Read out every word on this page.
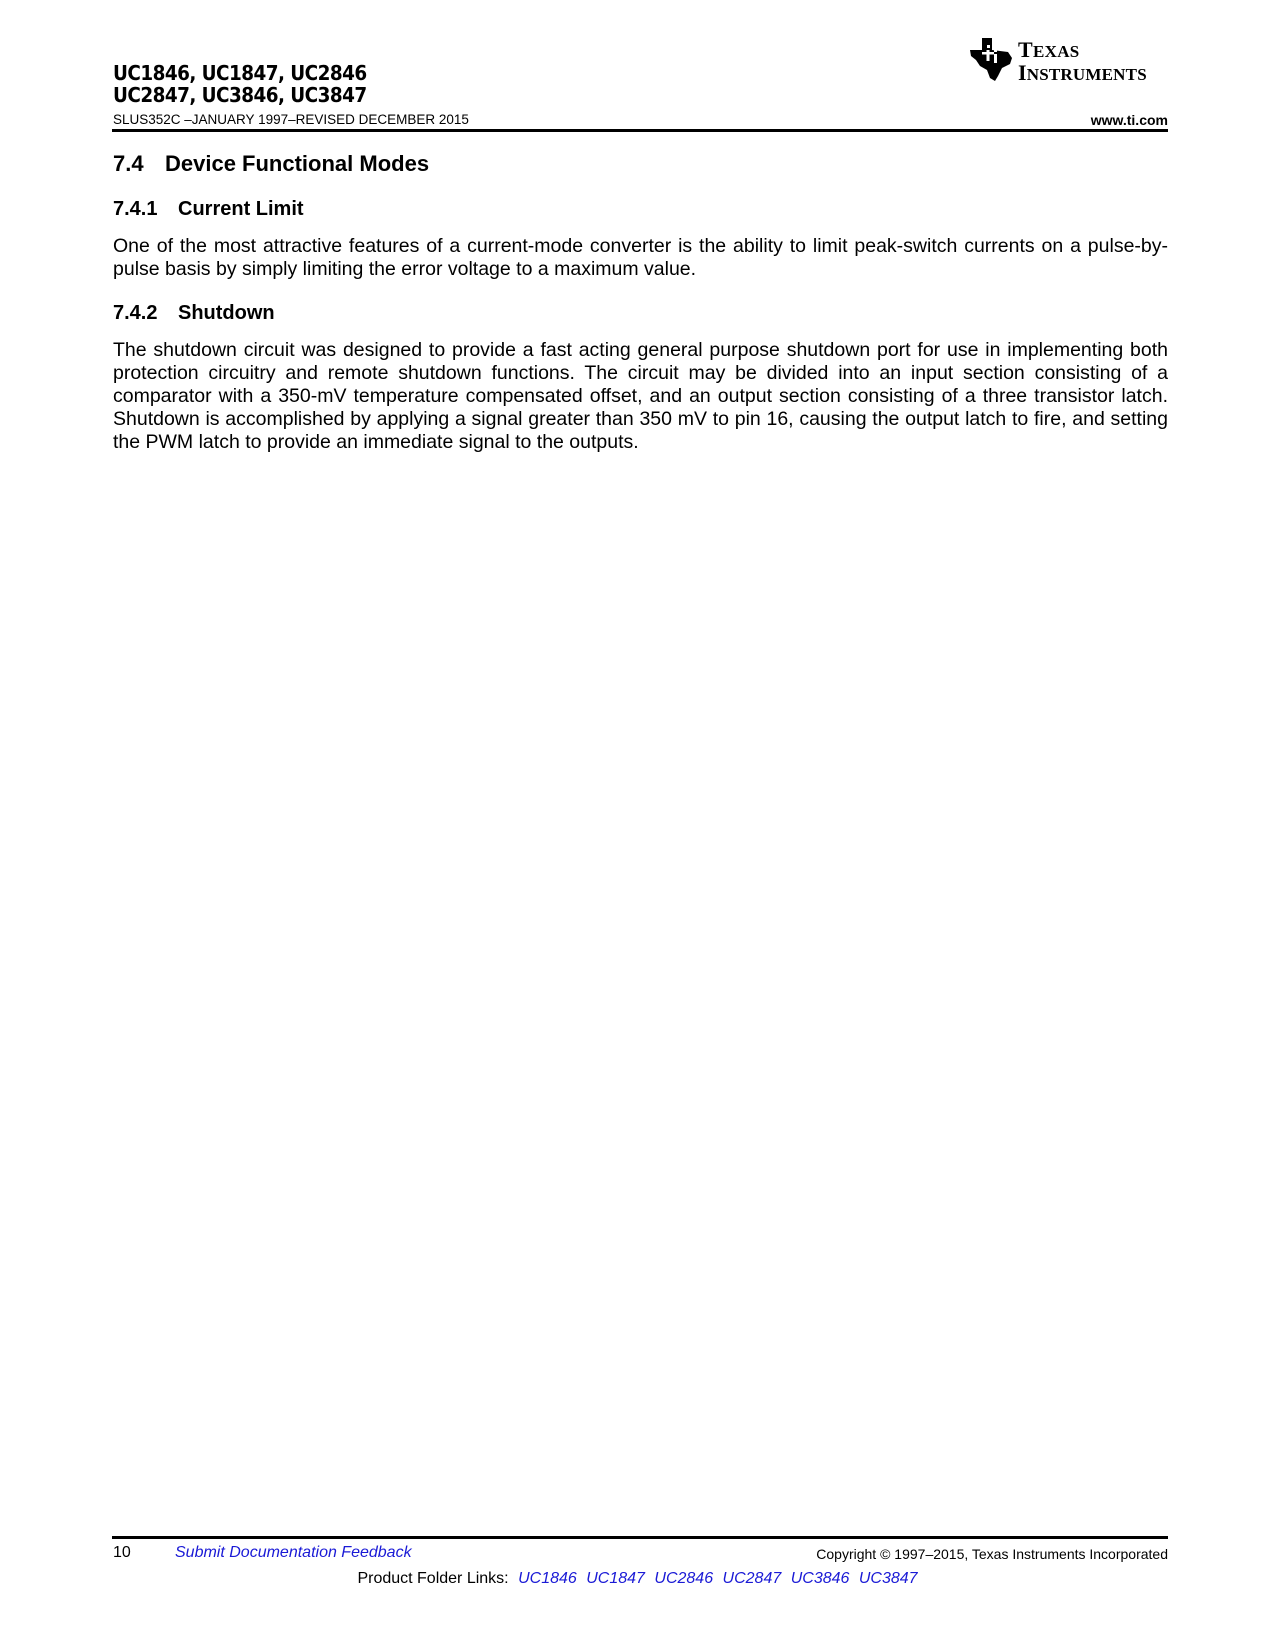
UC1846, UC1847, UC2846
UC2847, UC3846, UC3847
TEXAS
INSTRUMENTS
SLUS352C –JANUARY 1997–REVISED DECEMBER 2015	www.ti.com
7.4 Device Functional Modes
7.4.1 Current Limit
One of the most attractive features of a current-mode converter is the ability to limit peak-switch currents on a pulse-by-pulse basis by simply limiting the error voltage to a maximum value.
7.4.2 Shutdown
The shutdown circuit was designed to provide a fast acting general purpose shutdown port for use in implementing both protection circuitry and remote shutdown functions. The circuit may be divided into an input section consisting of a comparator with a 350-mV temperature compensated offset, and an output section consisting of a three transistor latch. Shutdown is accomplished by applying a signal greater than 350 mV to pin 16, causing the output latch to fire, and setting the PWM latch to provide an immediate signal to the outputs.
10	Submit Documentation Feedback	Copyright © 1997–2015, Texas Instruments Incorporated
Product Folder Links: UC1846 UC1847 UC2846 UC2847 UC3846 UC3847
